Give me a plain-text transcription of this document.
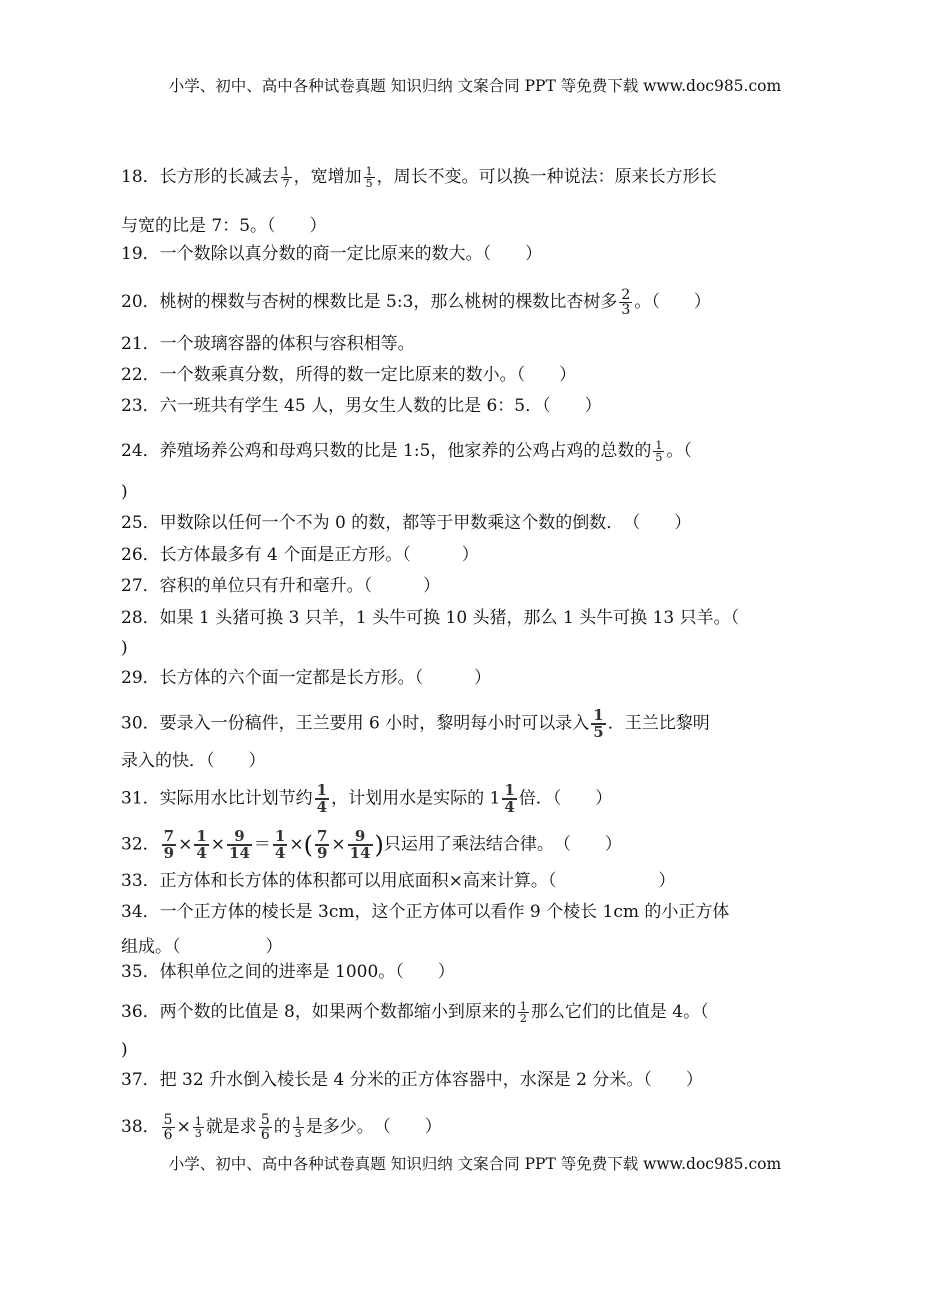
小学、初中、高中各种试卷真题 知识归纳 文案合同 PPT 等免费下载 www.doc985.com
18．长方形的长减去 $\frac{1}{7}$ ，宽增加 $\frac{1}{5}$ ，周长不变。可以换一种说法：原来长方形长
与宽的比是 7：5。（　　）
19．一个数除以真分数的商一定比原来的数大。（　　）
20．桃树的棵数与杏树的棵数比是 5:3，那么桃树的棵数比杏树多 $\frac{2}{3}$ 。（　　）
21．一个玻璃容器的体积与容积相等。
22．一个数乘真分数，所得的数一定比原来的数小。（　　）
23．六一班共有学生 45 人，男女生人数的比是 6：5．（　　）
24．养殖场养公鸡和母鸡只数的比是 1:5，他家养的公鸡占鸡的总数的 $\frac{1}{5}$ 。（
)
25．甲数除以任何一个不为 0 的数，都等于甲数乘这个数的倒数．　（　　）
26．长方体最多有 4 个面是正方形。（　　　）
27．容积的单位只有升和毫升。（　　　）
28．如果 1 头猪可换 3 只羊，1 头牛可换 10 头猪，那么 1 头牛可换 13 只羊。（
)
29．长方体的六个面一定都是长方形。（　　　）
30．要录入一份稿件，王兰要用 6 小时，黎明每小时可以录入 $\frac{1}{5}$ ．王兰比黎明
录入的快．（　　）
31．实际用水比计划节约 $\frac{1}{4}$ ，计划用水是实际的 $1 \frac{1}{4}$ 倍．（　　）
32． $\frac{7}{9} \times \frac{1}{4} \times \frac{9}{14} = \frac{1}{4}$ ×( $\frac{7}{9} \times \frac{9}{14}$ )只运用了乘法结合律。　（　　）
33．正方体和长方体的体积都可以用底面积×高来计算。（　　　　　　）
34．一个正方体的棱长是 3cm，这个正方体可以看作 9 个棱长 1cm 的小正方体
组成。（　　　　　）
35．体积单位之间的进率是 1000。（　　）
36．两个数的比值是 8，如果两个数都缩小到原来的 $\frac{1}{2}$ 那么它们的比值是 4。（
)
37．把 32 升水倒入棱长是 4 分米的正方体容器中，水深是 2 分米。（　　）
38． $\frac{5}{6} \times \frac{1}{3}$ 就是求 $\frac{5}{6}$ 的 $\frac{1}{3}$ 是多少。　（　　）
小学、初中、高中各种试卷真题 知识归纳 文案合同 PPT 等免费下载 www.doc985.com
